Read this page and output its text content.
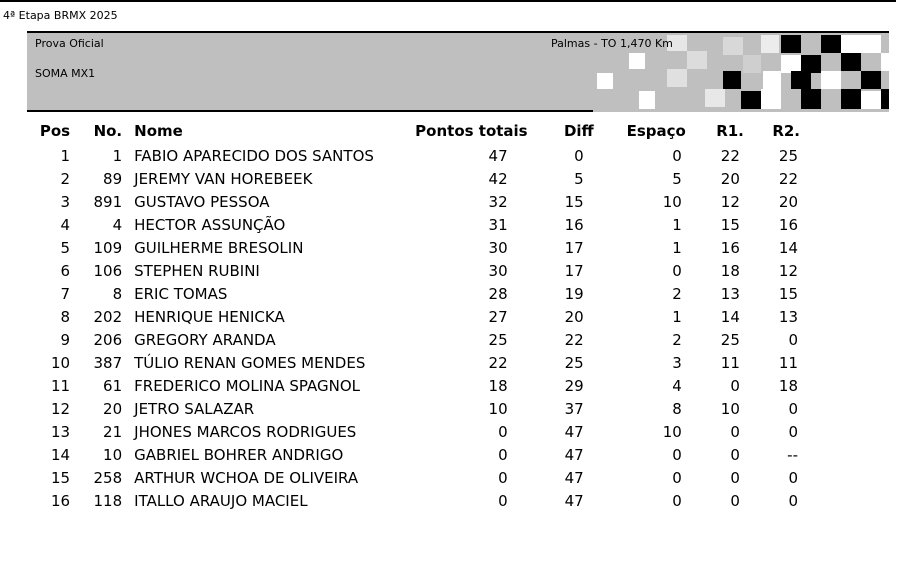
4ª Etapa BRMX 2025
Prova Oficial
SOMA MX1
Palmas - TO 1,470 Km
Pos	No.	Nome	Pontos totais	Diff	Espaço	R1.	R2.
1	1	FABIO APARECIDO DOS SANTOS	47	0	0	22	25
2	89	JEREMY VAN HOREBEEK	42	5	5	20	22
3	891	GUSTAVO PESSOA	32	15	10	12	20
4	4	HECTOR ASSUNÇÃO	31	16	1	15	16
5	109	GUILHERME BRESOLIN	30	17	1	16	14
6	106	STEPHEN RUBINI	30	17	0	18	12
7	8	ERIC TOMAS	28	19	2	13	15
8	202	HENRIQUE HENICKA	27	20	1	14	13
9	206	GREGORY ARANDA	25	22	2	25	0
10	387	TÚLIO RENAN GOMES MENDES	22	25	3	11	11
11	61	FREDERICO MOLINA SPAGNOL	18	29	4	0	18
12	20	JETRO SALAZAR	10	37	8	10	0
13	21	JHONES MARCOS RODRIGUES	0	47	10	0	0
14	10	GABRIEL BOHRER ANDRIGO	0	47	0	0	--
15	258	ARTHUR WCHOA DE OLIVEIRA	0	47	0	0	0
16	118	ITALLO ARAUJO MACIEL	0	47	0	0	0
